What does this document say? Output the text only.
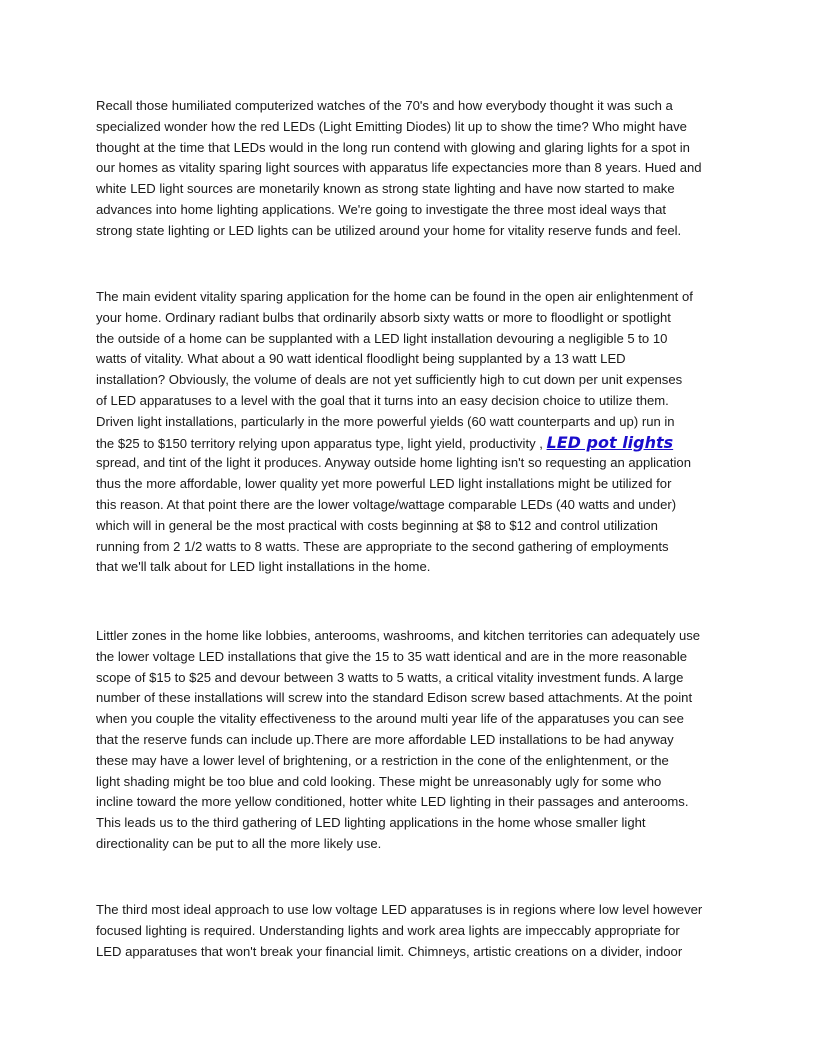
Recall those humiliated computerized watches of the 70's and how everybody thought it was such a
specialized wonder how the red LEDs (Light Emitting Diodes) lit up to show the time? Who might have
thought at the time that LEDs would in the long run contend with glowing and glaring lights for a spot in
our homes as vitality sparing light sources with apparatus life expectancies more than 8 years. Hued and
white LED light sources are monetarily known as strong state lighting and have now started to make
advances into home lighting applications. We're going to investigate the three most ideal ways that
strong state lighting or LED lights can be utilized around your home for vitality reserve funds and feel.
The main evident vitality sparing application for the home can be found in the open air enlightenment of
your home. Ordinary radiant bulbs that ordinarily absorb sixty watts or more to floodlight or spotlight
the outside of a home can be supplanted with a LED light installation devouring a negligible 5 to 10
watts of vitality. What about a 90 watt identical floodlight being supplanted by a 13 watt LED
installation? Obviously, the volume of deals are not yet sufficiently high to cut down per unit expenses
of LED apparatuses to a level with the goal that it turns into an easy decision choice to utilize them.
Driven light installations, particularly in the more powerful yields (60 watt counterparts and up) run in
the $25 to $150 territory relying upon apparatus type, light yield, productivity , LED pot lights
spread, and tint of the light it produces. Anyway outside home lighting isn't so requesting an application
thus the more affordable, lower quality yet more powerful LED light installations might be utilized for
this reason. At that point there are the lower voltage/wattage comparable LEDs (40 watts and under)
which will in general be the most practical with costs beginning at $8 to $12 and control utilization
running from 2 1/2 watts to 8 watts. These are appropriate to the second gathering of employments
that we'll talk about for LED light installations in the home.
Littler zones in the home like lobbies, anterooms, washrooms, and kitchen territories can adequately use
the lower voltage LED installations that give the 15 to 35 watt identical and are in the more reasonable
scope of $15 to $25 and devour between 3 watts to 5 watts, a critical vitality investment funds. A large
number of these installations will screw into the standard Edison screw based attachments. At the point
when you couple the vitality effectiveness to the around multi year life of the apparatuses you can see
that the reserve funds can include up.There are more affordable LED installations to be had anyway
these may have a lower level of brightening, or a restriction in the cone of the enlightenment, or the
light shading might be too blue and cold looking. These might be unreasonably ugly for some who
incline toward the more yellow conditioned, hotter white LED lighting in their passages and anterooms.
This leads us to the third gathering of LED lighting applications in the home whose smaller light
directionality can be put to all the more likely use.
The third most ideal approach to use low voltage LED apparatuses is in regions where low level however
focused lighting is required. Understanding lights and work area lights are impeccably appropriate for
LED apparatuses that won't break your financial limit. Chimneys, artistic creations on a divider, indoor
